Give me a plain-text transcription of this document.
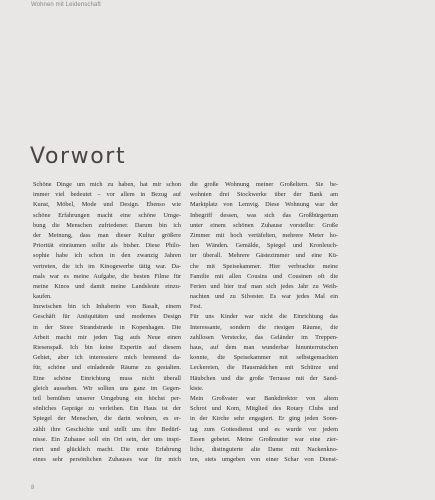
Wohnen mit Leidenschaft
Vorwort
Schöne Dinge um mich zu haben, hat mir schon
immer viel bedeutet – vor allem in Bezug auf
Kunst, Möbel, Mode und Design. Ebenso wie
schöne Erfahrungen macht eine schöne Umge-
bung die Menschen zufriedener. Darum bin ich
der Meinung, dass man dieser Kultur größere
Priorität einräumen sollte als bisher. Diese Philo-
sophie habe ich schon in den zwanzig Jahren
vertreten, die ich im Kinogewerbe tätig war. Da-
mals war es meine Aufgabe, die besten Filme für
meine Kinos und damit meine Landsleute einzu-
kaufen.
Inzwischen bin ich Inhaberin von Basalt, einem
Geschäft für Antiquitäten und modernes Design
in der Store Strandstræde in Kopenhagen. Die
Arbeit macht mir jeden Tag aufs Neue einen
Riesenspaß. Ich bin keine Expertin auf diesem
Gebiet, aber ich interessiere mich brennend da-
für, schöne und einladende Räume zu gestalten.
Eine schöne Einrichtung muss nicht überall
gleich aussehen. Wir sollten uns ganz im Gegen-
teil bemühen unserer Umgebung ein höchst per-
sönliches Gepräge zu verleihen. Ein Haus ist der
Spiegel der Menschen, die darin wohnen, es er-
zählt ihre Geschichte und stellt uns ihre Bedürf-
nisse. Ein Zuhause soll ein Ort sein, der uns inspi-
riert und glücklich macht. Die erste Erfahrung
eines sehr persönlichen Zuhauses war für mich
die große Wohnung meiner Großeltern. Sie be-
wohnten drei Stockwerke über der Bank am
Marktplatz von Lemvig. Diese Wohnung war der
Inbegriff dessen, was sich das Großbürgertum
unter einem schönen Zuhause vorstellte: Große
Zimmer mit hoch vertäfelten, mehrere Meter ho-
hen Wänden. Gemälde, Spiegel und Kronleuch-
ter überall. Mehrere Gästezimmer und eine Kü-
che mit Speisekammer. Hier verbrachte meine
Familie mit allen Cousins und Cousinen oft die
Ferien und hier traf man sich jedes Jahr zu Weih-
nachten und zu Silvester. Es war jedes Mal ein
Fest.
Für uns Kinder war nicht die Einrichtung das
Interessante, sondern die riesigen Räume, die
zahllosen Verstecke, das Geländer im Treppen-
haus, auf dem man wunderbar hinunterrutschen
konnte, die Speisekammer mit selbstgemachten
Leckereien, die Hausmädchen mit Schürze und
Häubchen und die große Terrasse mit der Sand-
kiste.
Mein Großvater war Bankdirektor von altem
Schrot und Korn, Mitglied des Rotary Clubs und
in der Kirche sehr engagiert. Er ging jeden Sonn-
tag zum Gottesdienst und es wurde vor jedem
Essen gebetet. Meine Großmutter war eine zier-
liche, distinguierte alte Dame mit Nackenkno-
ten, stets umgeben von einer Schar von Dienst-
8
